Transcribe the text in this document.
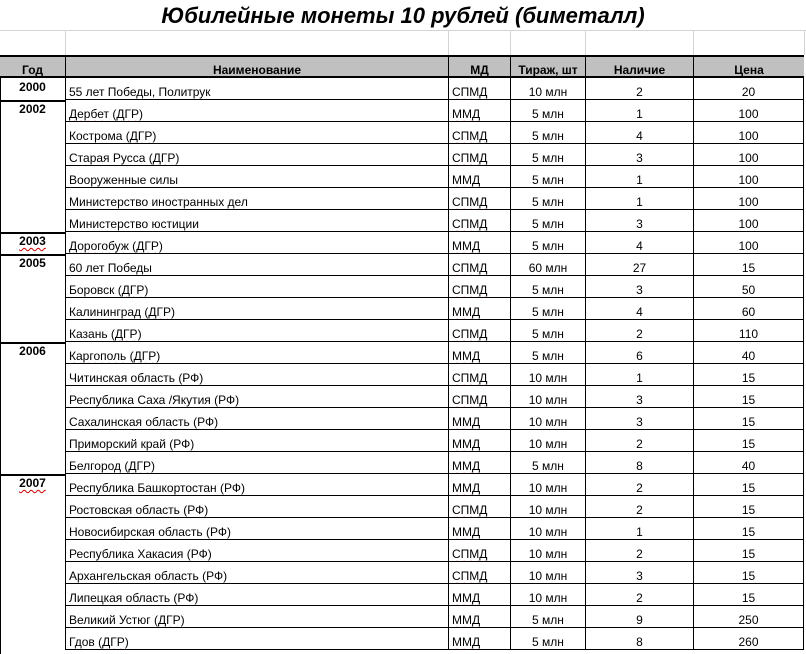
Юбилейные монеты 10 рублей (биметалл)
Год	Наименование	МД	Тираж, шт	Наличие	Цена
2000	55 лет Победы, Политрук	СПМД	10 млн	2	20
2002	Дербет (ДГР)	ММД	5 млн	1	100
Кострома (ДГР)	СПМД	5 млн	4	100
Старая Русса (ДГР)	СПМД	5 млн	3	100
Вооруженные силы	ММД	5 млн	1	100
Министерство иностранных дел	СПМД	5 млн	1	100
Министерство юстиции	СПМД	5 млн	3	100
2003	Дорогобуж (ДГР)	ММД	5 млн	4	100
2005	60 лет Победы	СПМД	60 млн	27	15
Боровск (ДГР)	СПМД	5 млн	3	50
Калининград (ДГР)	ММД	5 млн	4	60
Казань (ДГР)	СПМД	5 млн	2	110
2006	Каргополь (ДГР)	ММД	5 млн	6	40
Читинская область (РФ)	СПМД	10 млн	1	15
Республика Саха /Якутия (РФ)	СПМД	10 млн	3	15
Сахалинская область (РФ)	ММД	10 млн	3	15
Приморский край (РФ)	ММД	10 млн	2	15
Белгород (ДГР)	ММД	5 млн	8	40
2007	Республика Башкортостан (РФ)	ММД	10 млн	2	15
Ростовская область (РФ)	СПМД	10 млн	2	15
Новосибирская область (РФ)	ММД	10 млн	1	15
Республика Хакасия (РФ)	СПМД	10 млн	2	15
Архангельская область (РФ)	СПМД	10 млн	3	15
Липецкая область (РФ)	ММД	10 млн	2	15
Великий Устюг (ДГР)	ММД	5 млн	9	250
Гдов (ДГР)	ММД	5 млн	8	260
